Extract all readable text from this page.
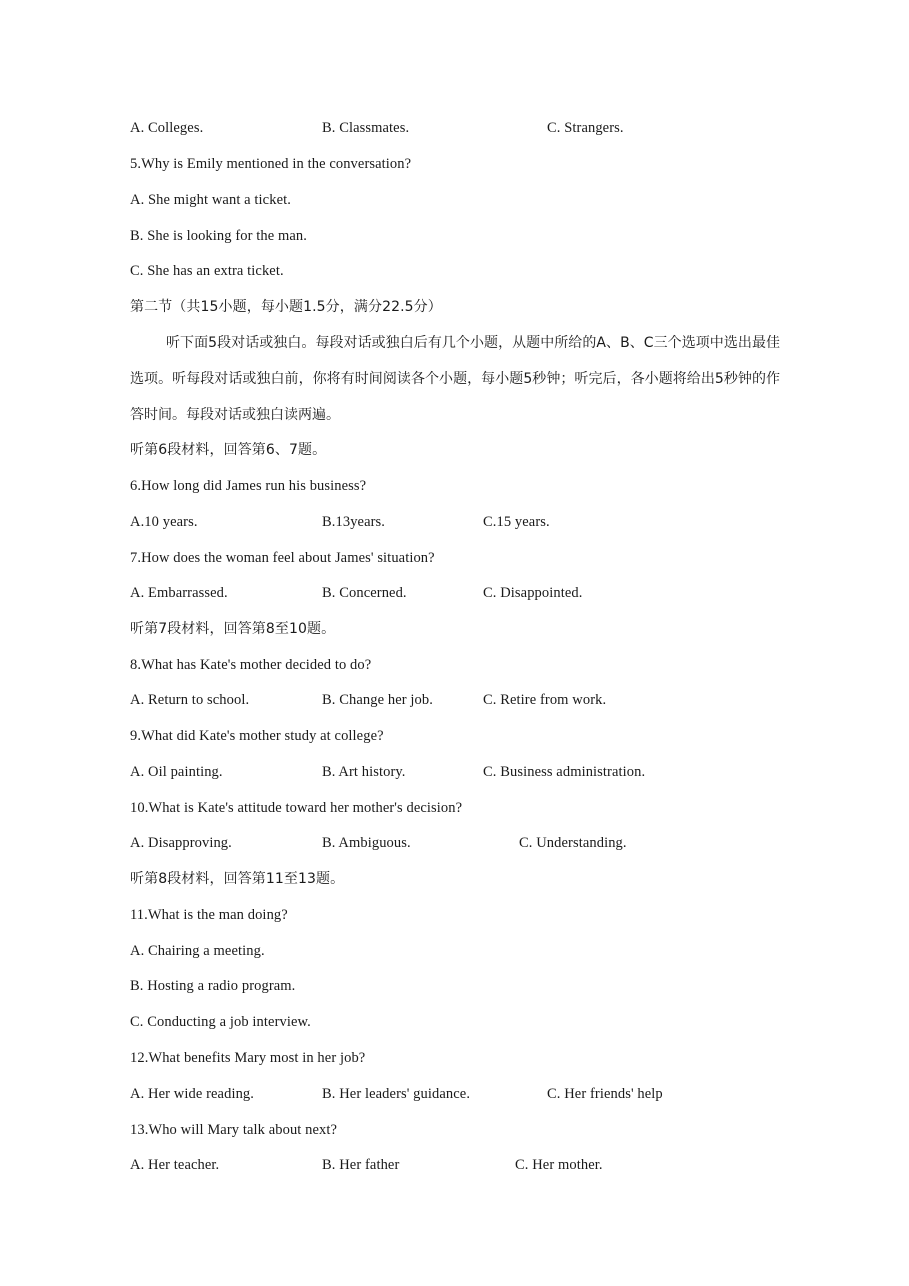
A. Colleges.	B. Classmates.	C. Strangers.
5.Why is Emily mentioned in the conversation?
A. She might want a ticket.
B. She is looking for the man.
C. She has an extra ticket.
第二节（共15小题，每小题1.5分，满分22.5分）
听下面5段对话或独白。每段对话或独白后有几个小题，从题中所给的A、B、C三个选项中选出最佳选项。听每段对话或独白前，你将有时间阅读各个小题，每小题5秒钟；听完后，各小题将给出5秒钟的作答时间。每段对话或独白读两遍。
听第6段材料，回答第6、7题。
6.How long did James run his business?
A.10 years.	B.13years.	C.15 years.
7.How does the woman feel about James' situation?
A. Embarrassed.	B. Concerned.	C. Disappointed.
听第7段材料，回答第8至10题。
8.What has Kate's mother decided to do?
A. Return to school.	B. Change her job.	C. Retire from work.
9.What did Kate's mother study at college?
A. Oil painting.	B. Art history.	C. Business administration.
10.What is Kate's attitude toward her mother's decision?
A. Disapproving.	B. Ambiguous.	C. Understanding.
听第8段材料，回答第11至13题。
11.What is the man doing?
A. Chairing a meeting.
B. Hosting a radio program.
C. Conducting a job interview.
12.What benefits Mary most in her job?
A. Her wide reading.	B. Her leaders' guidance.	C. Her friends' help
13.Who will Mary talk about next?
A. Her teacher.	B. Her father	C. Her mother.
